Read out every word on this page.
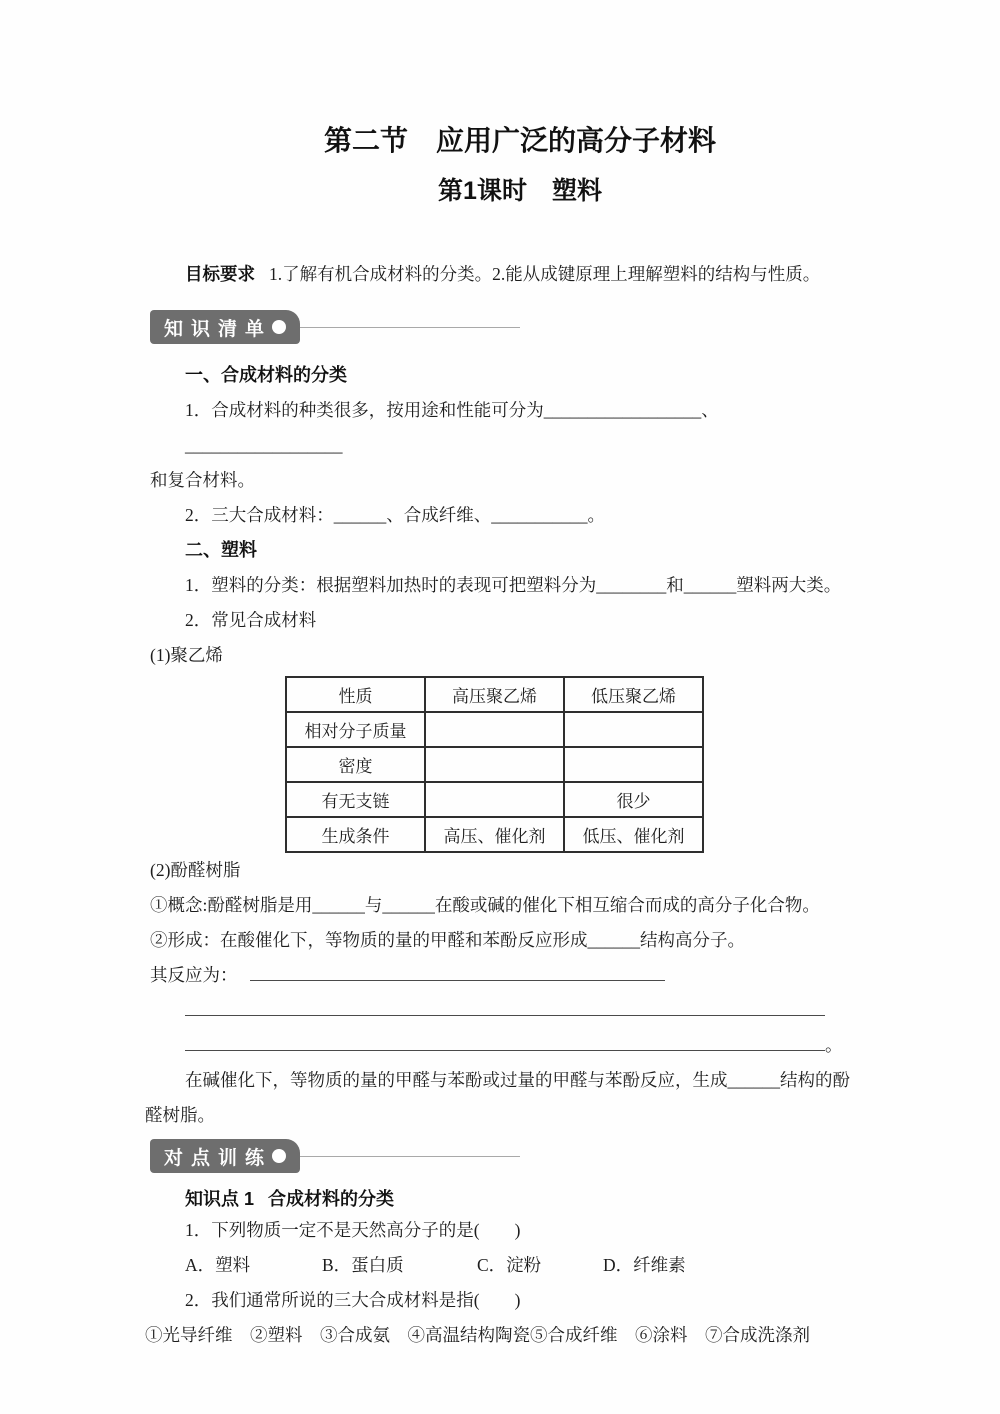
第二节　应用广泛的高分子材料
第1课时　塑料

目标要求 1.了解有机合成材料的分类。2.能从成键原理上理解塑料的结构与性质。

知识清单

一、合成材料的分类

1．合成材料的种类很多，按用途和性能可分为__________________、__________________

和复合材料。

2．三大合成材料：______、合成纤维、___________。

二、塑料

1．塑料的分类：根据塑料加热时的表现可把塑料分为________和______塑料两大类。

2．常见合成材料

(1)聚乙烯

性质	高压聚乙烯	低压聚乙烯
相对分子质量		
密度		
有无支链		很少
生成条件	高压、催化剂	低压、催化剂

(2)酚醛树脂

①概念:酚醛树脂是用______与______在酸或碱的催化下相互缩合而成的高分子化合物。

②形成：在酸催化下，等物质的量的甲醛和苯酚反应形成______结构高分子。

其反应为：

。

在碱催化下，等物质的量的甲醛与苯酚或过量的甲醛与苯酚反应，生成______结构的酚

醛树脂。

对点训练

知识点 1 合成材料的分类

1．下列物质一定不是天然高分子的是(　　)

A．塑料	B．蛋白质	C．淀粉	D．纤维素

2．我们通常所说的三大合成材料是指(　　)

①光导纤维　②塑料　③合成氨　④高温结构陶瓷⑤合成纤维　⑥涂料　⑦合成洗涤剂
